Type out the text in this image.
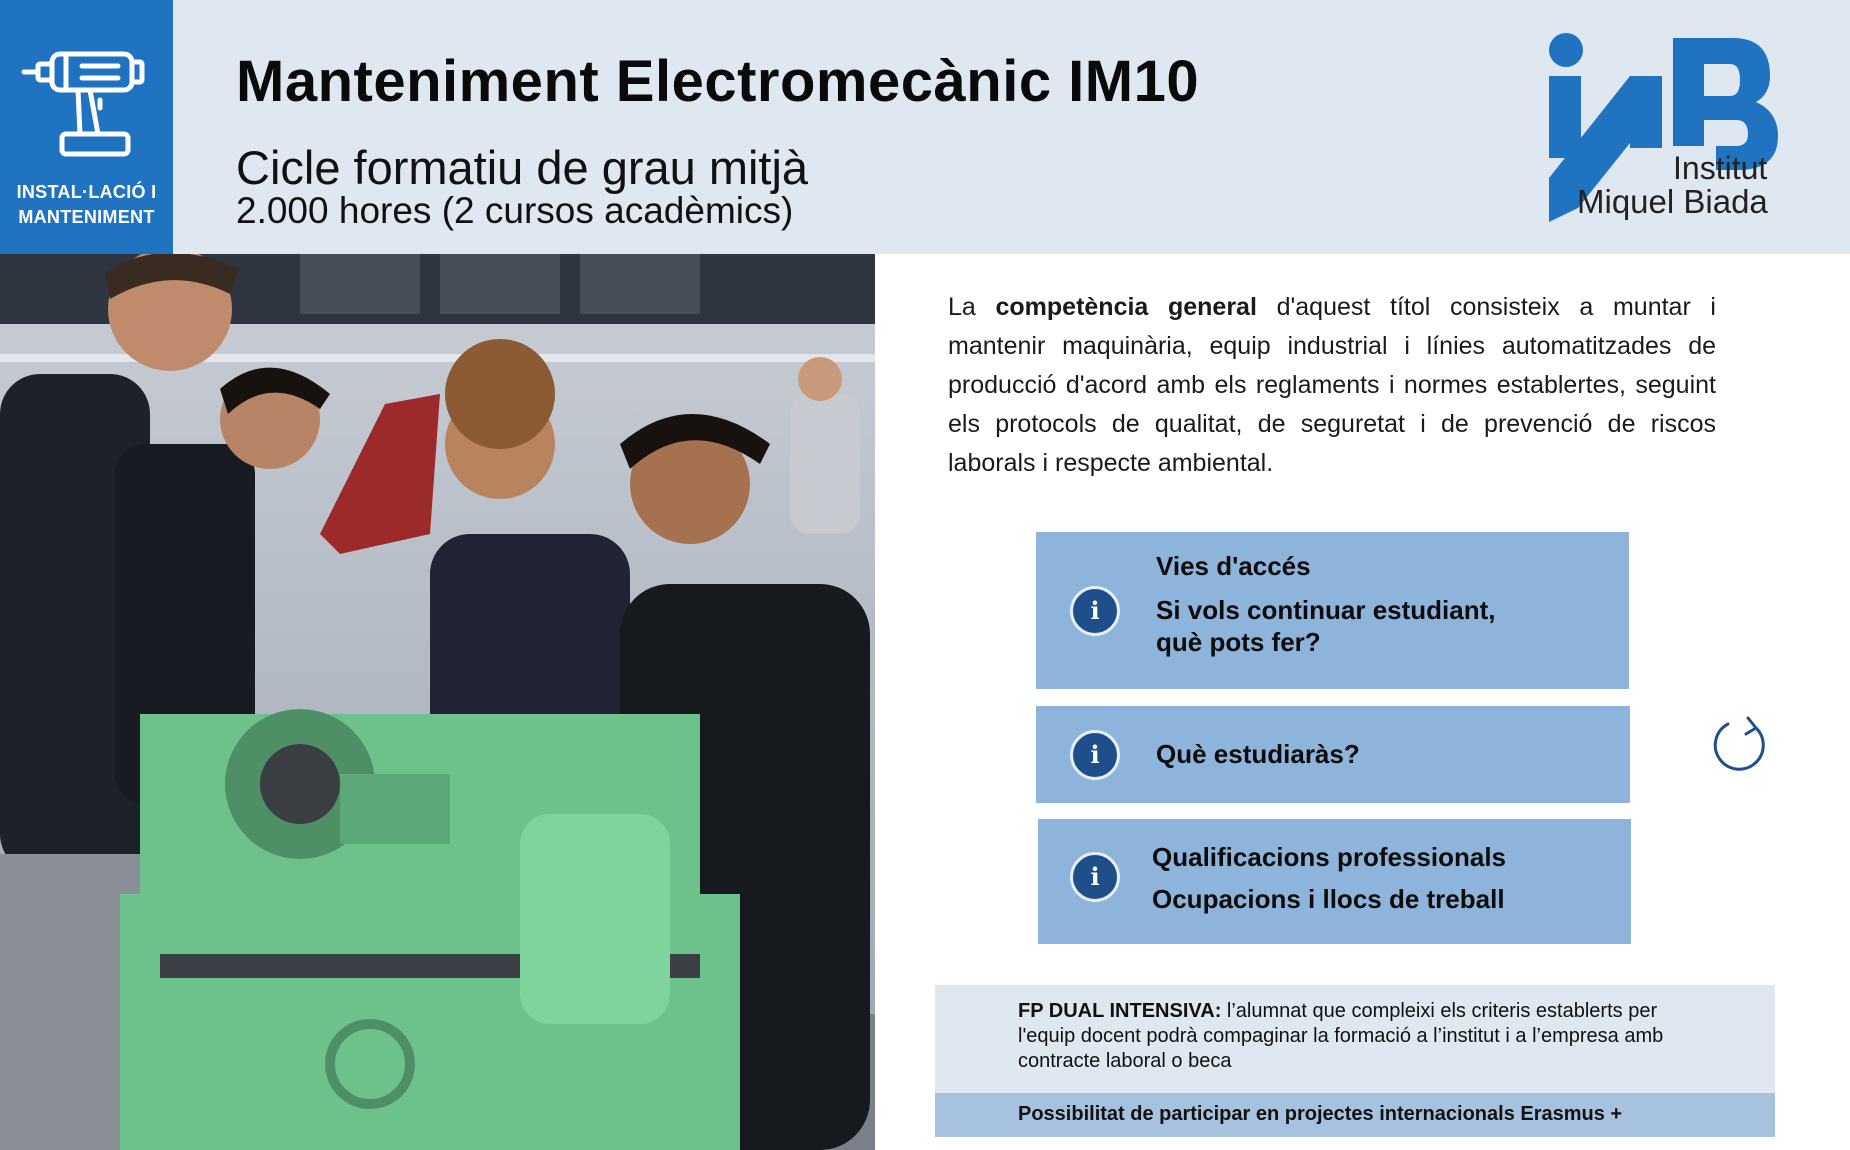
INSTAL·LACIÓ I
MANTENIMENT
Manteniment Electromecànic IM10
Cicle formatiu de grau mitjà
2.000 hores (2 cursos acadèmics)
Institut
Miquel Biada
La competència general d'aquest títol consisteix a muntar i mantenir maquinària, equip industrial i línies automatitzades de producció d'acord amb els reglaments i normes establertes, seguint els protocols de qualitat, de seguretat i de prevenció de riscos laborals i respecte ambiental.
i
Vies d'accés
Si vols continuar estudiant,
què pots fer?
i	Què estudiaràs?
i
Qualificacions professionals
Ocupacions i llocs de treball
FP DUAL INTENSIVA: l’alumnat que compleixi els criteris establerts per l'equip docent podrà compaginar la formació a l’institut i a l’empresa amb contracte laboral o beca
Possibilitat de participar en projectes internacionals Erasmus +
